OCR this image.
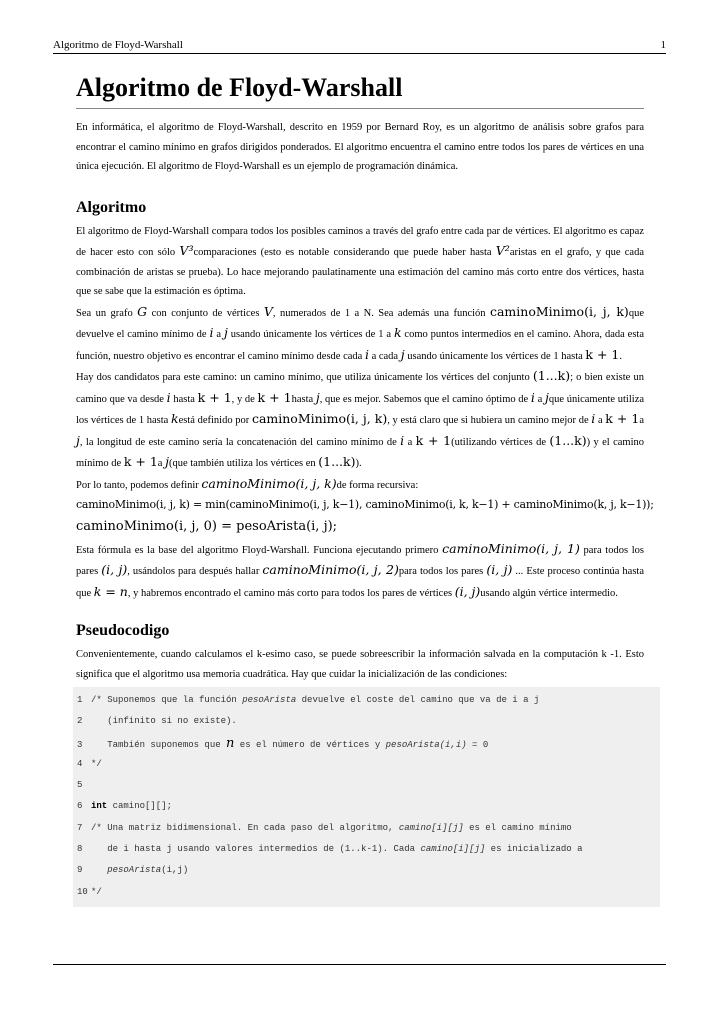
Algoritmo de Floyd-Warshall	1
Algoritmo de Floyd-Warshall

En informática, el algoritmo de Floyd-Warshall, descrito en 1959 por Bernard Roy, es un algoritmo de análisis sobre grafos para encontrar el camino mínimo en grafos dirigidos ponderados. El algoritmo encuentra el camino entre todos los pares de vértices en una única ejecución. El algoritmo de Floyd-Warshall es un ejemplo de programación dinámica.

Algoritmo

El algoritmo de Floyd-Warshall compara todos los posibles caminos a través del grafo entre cada par de vértices. El algoritmo es capaz de hacer esto con sólo V³comparaciones (esto es notable considerando que puede haber hasta V²aristas en el grafo, y que cada combinación de aristas se prueba). Lo hace mejorando paulatinamente una estimación del camino más corto entre dos vértices, hasta que se sabe que la estimación es óptima.

Sea un grafo G con conjunto de vértices V, numerados de 1 a N. Sea además una función caminoMinimo(i, j, k)que devuelve el camino mínimo de i a j usando únicamente los vértices de 1 a k como puntos intermedios en el camino. Ahora, dada esta función, nuestro objetivo es encontrar el camino mínimo desde cada i a cada j usando únicamente los vértices de 1 hasta k + 1.

Hay dos candidatos para este camino: un camino mínimo, que utiliza únicamente los vértices del conjunto (1...k); o bien existe un camino que va desde i hasta k + 1, y de k + 1hasta j, que es mejor. Sabemos que el camino óptimo de i a jque únicamente utiliza los vértices de 1 hasta kestá definido por caminoMinimo(i, j, k), y está claro que si hubiera un camino mejor de i a k + 1a j, la longitud de este camino sería la concatenación del camino mínimo de i a k + 1(utilizando vértices de (1...k)) y el camino mínimo de k + 1a j(que también utiliza los vértices en (1...k)).

Por lo tanto, podemos definir caminoMinimo(i, j, k)de forma recursiva:

caminoMinimo(i, j, k) = min(caminoMinimo(i, j, k−1), caminoMinimo(i, k, k−1) + caminoMinimo(k, j, k−1));

caminoMinimo(i, j, 0) = pesoArista(i, j);

Esta fórmula es la base del algoritmo Floyd-Warshall. Funciona ejecutando primero caminoMinimo(i, j, 1) para todos los pares (i, j), usándolos para después hallar caminoMinimo(i, j, 2)para todos los pares (i, j) ... Este proceso continúa hasta que k = n, y habremos encontrado el camino más corto para todos los pares de vértices (i, j)usando algún vértice intermedio.

Pseudocodigo

Convenientemente, cuando calculamos el k-esimo caso, se puede sobreescribir la información salvada en la computación k -1. Esto significa que el algoritmo usa memoria cuadrática. Hay que cuidar la inicialización de las condiciones:

1 /* Suponemos que la función pesoArista devuelve el coste del camino que va de i a j
2   (infinito si no existe).
3   También suponemos que n es el número de vértices y pesoArista(i,i) = 0
4 */
5
6 int camino[][];
7 /* Una matriz bidimensional. En cada paso del algoritmo, camino[i][j] es el camino mínimo
8   de i hasta j usando valores intermedios de (1..k-1). Cada camino[i][j] es inicializado a
9	pesoArista(i,j)
10 */
